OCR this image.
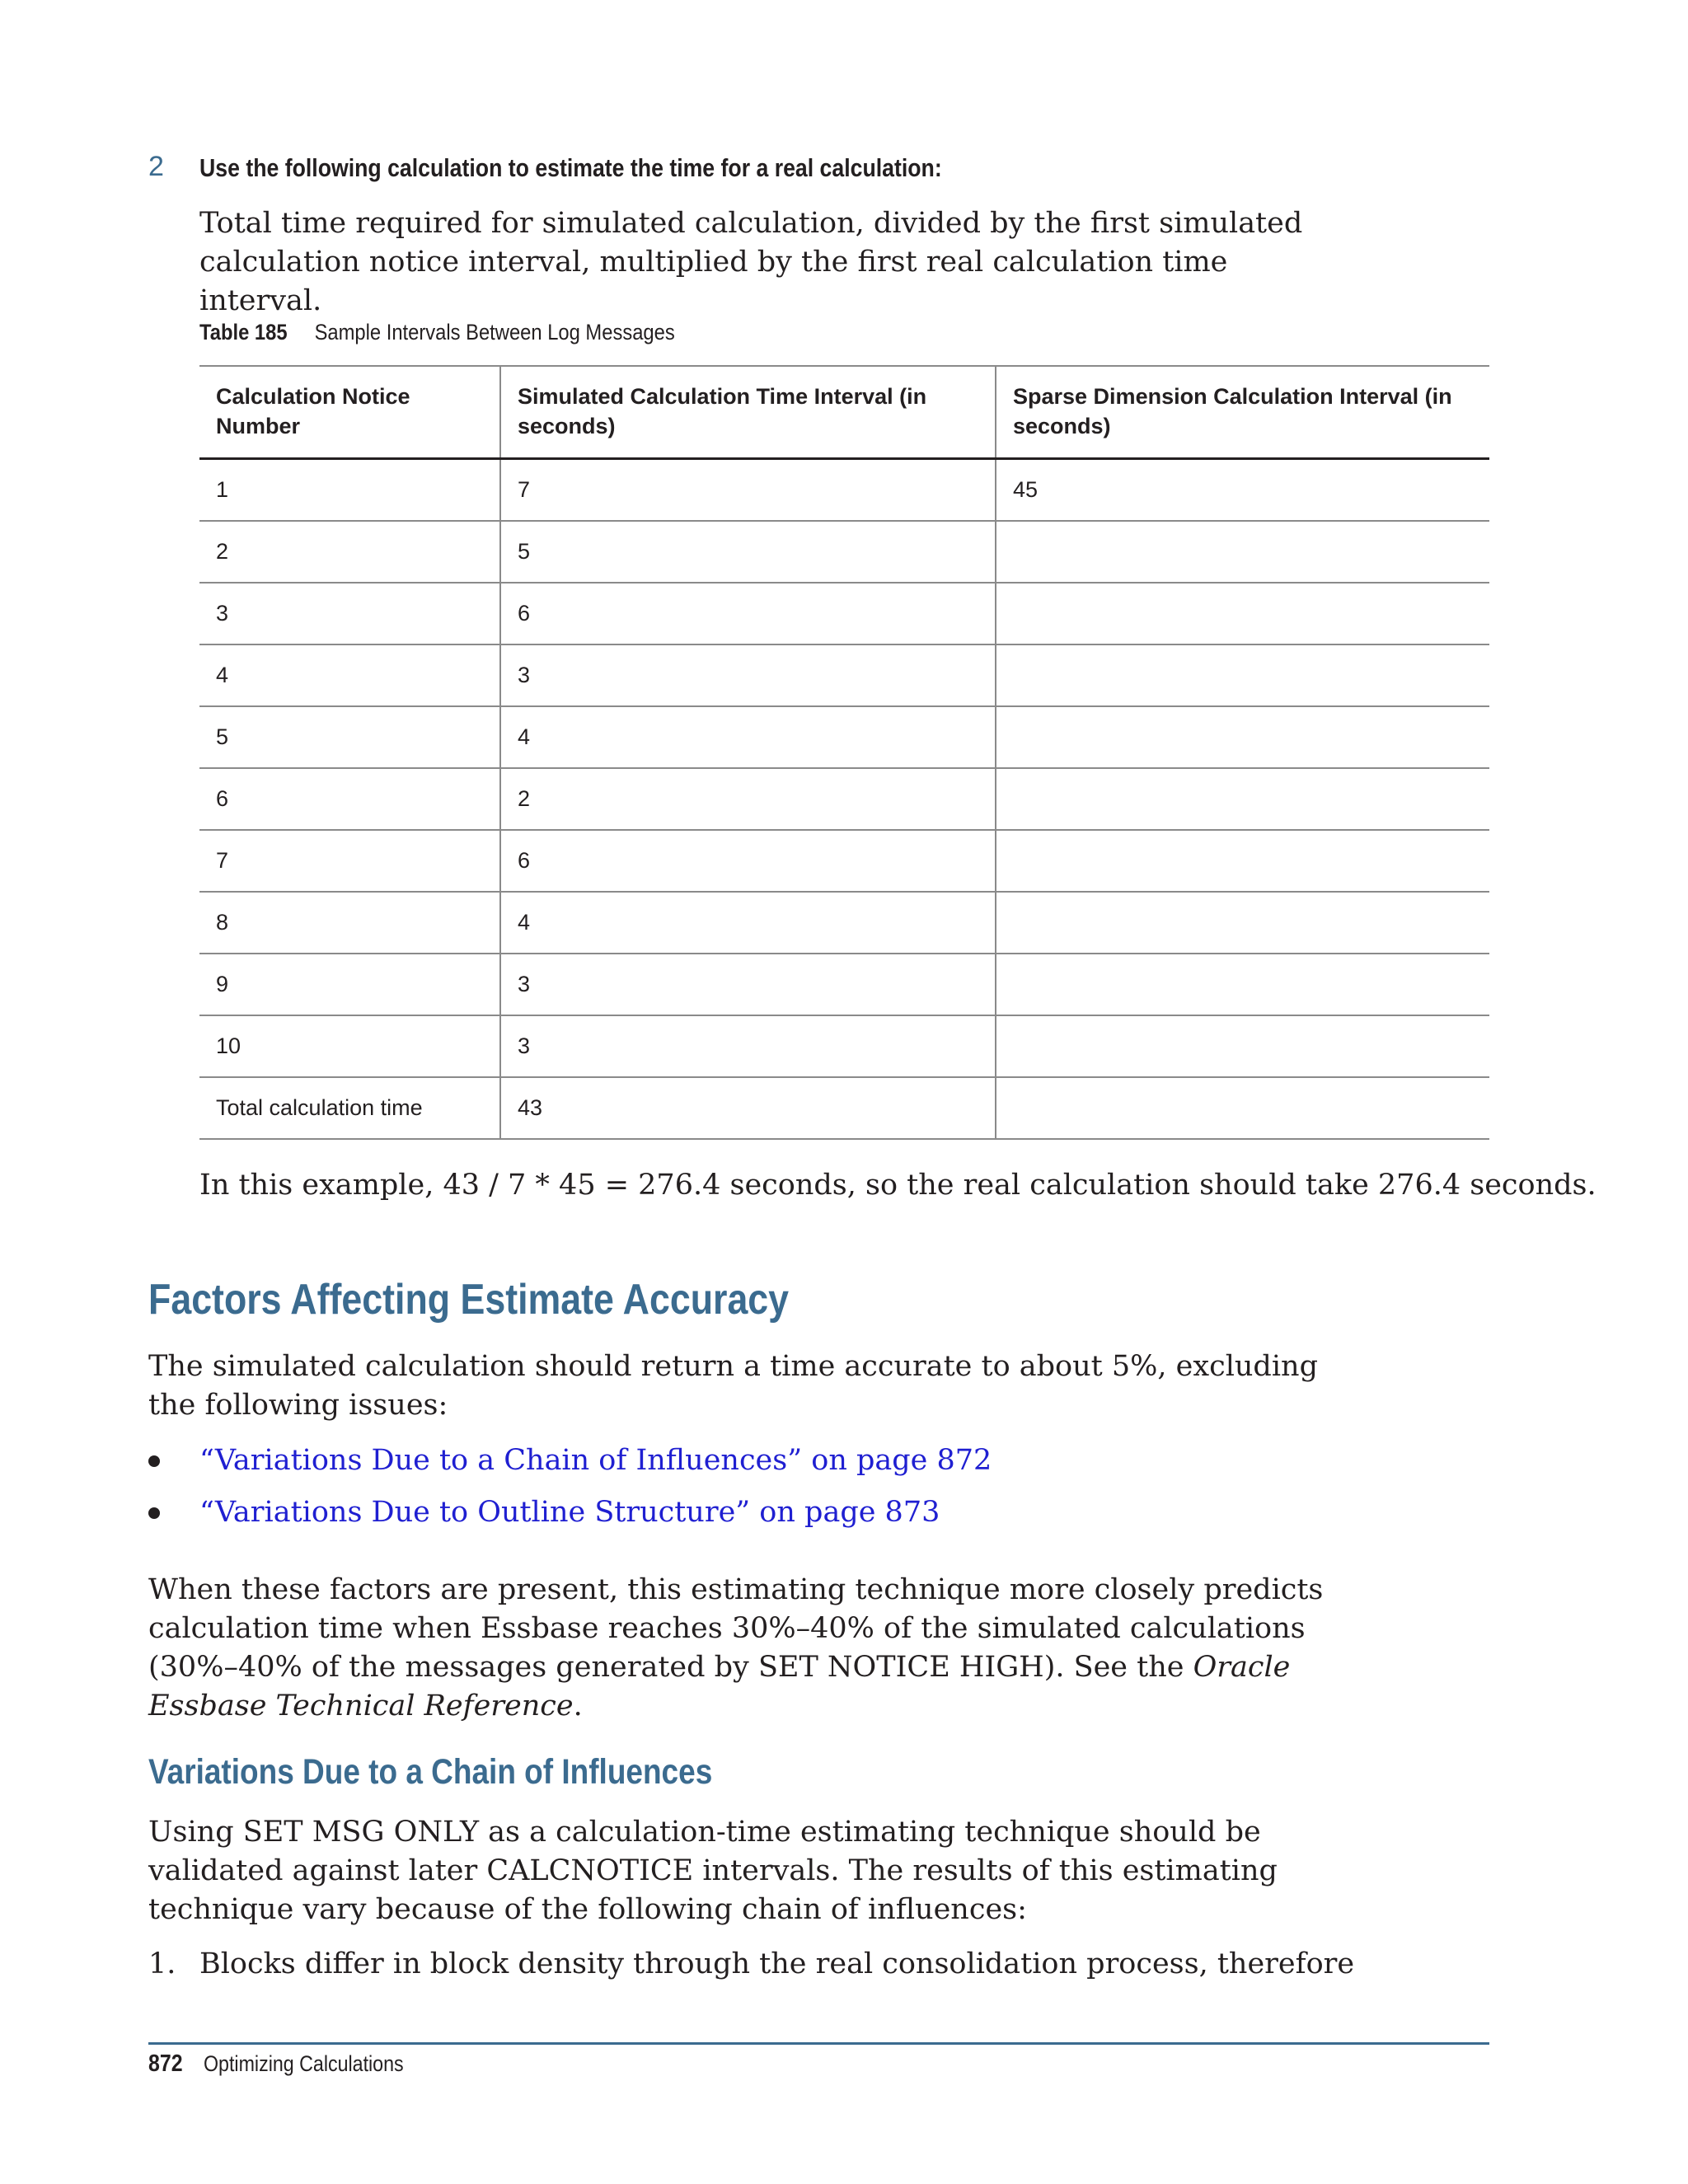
2 Use the following calculation to estimate the time for a real calculation:
Total time required for simulated calculation, divided by the first simulated calculation notice interval, multiplied by the first real calculation time interval.
Table 185 Sample Intervals Between Log Messages
Calculation Notice Number	Simulated Calculation Time Interval (in seconds)	Sparse Dimension Calculation Interval (in seconds)
1	7	45
2	5	
3	6	
4	3	
5	4	
6	2	
7	6	
8	4	
9	3	
10	3	
Total calculation time	43	
In this example, 43 / 7 * 45 = 276.4 seconds, so the real calculation should take 276.4 seconds.
Factors Affecting Estimate Accuracy
The simulated calculation should return a time accurate to about 5%, excluding the following issues:
“Variations Due to a Chain of Influences” on page 872
“Variations Due to Outline Structure” on page 873
When these factors are present, this estimating technique more closely predicts calculation time when Essbase reaches 30%–40% of the simulated calculations (30%–40% of the messages generated by SET NOTICE HIGH). See the Oracle Essbase Technical Reference.
Variations Due to a Chain of Influences
Using SET MSG ONLY as a calculation-time estimating technique should be validated against later CALCNOTICE intervals. The results of this estimating technique vary because of the following chain of influences:
1. Blocks differ in block density through the real consolidation process, therefore
872 Optimizing Calculations
